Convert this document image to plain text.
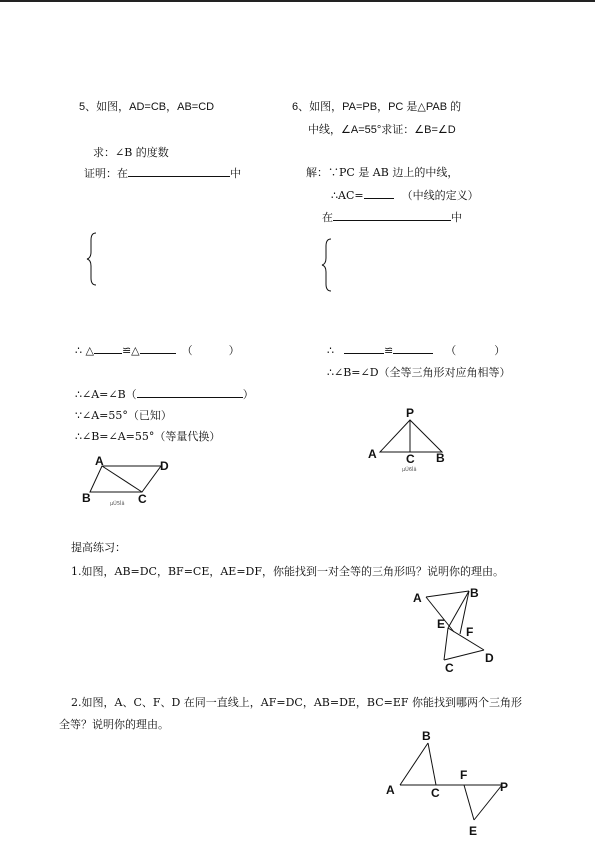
5、如图，AD=CB，AB=CD
求：∠B 的度数
证明：在	中
∴ △	≌△	（	）
∴∠A=∠B（	）
∵∠A=55°（已知）
∴∠B=∠A=55°（等量代换）
A	D
B	C
µÚ5Ìâ
6、如图，PA=PB，PC 是△PAB 的
中线，∠A=55°求证：∠B=∠D
解：∵PC 是 AB 边上的中线，
∴AC=	（中线的定义）
在	中
∴	≌	（	）
∴∠B=∠D（全等三角形对应角相等）
P
A C B
µÚ6Ìâ
提高练习：
1.如图，AB=DC，BF=CE，AE=DF，你能找到一对全等的三角形吗？说明你的理由。
A	B
E
F
C
D
2.如图，A、C、F、D 在同一直线上，AF=DC，AB=DE，BC=EF 你能找到哪两个三角形
全等？说明你的理由。
B
A	C
F
P
E
